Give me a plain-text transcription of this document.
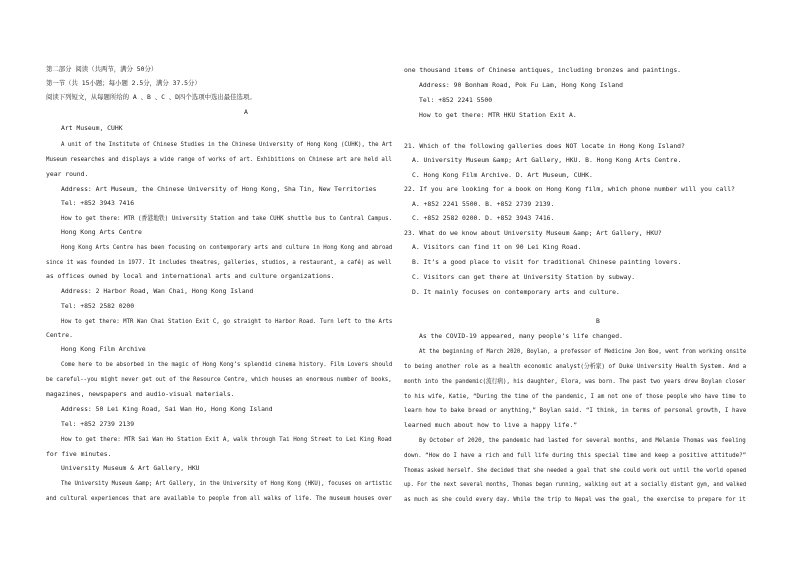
第二部分 阅读（共两节，满分 50分）
第一节（共 15小题；每小题 2.5分，满分 37.5分）
阅读下列短文，从每题所给的 A 、B 、C 、D四个选项中选出最佳选项。
A
Art Museum, CUHK
A unit of the Institute of Chinese Studies in the Chinese University of Hong Kong (CUHK), the Art
Museum researches and displays a wide range of works of art. Exhibitions on Chinese art are held all
year round.
Address: Art Museum, the Chinese University of Hong Kong, Sha Tin, New Territories
Tel: +852 3943 7416
How to get there: MTR (香港地铁) University Station and take CUHK shuttle bus to Central Campus.
Hong Kong Arts Centre
Hong Kong Arts Centre has been focusing on contemporary arts and culture in Hong Kong and abroad
since it was founded in 1977. It includes theatres, galleries, studios, a restaurant, a café) as well
as offices owned by local and international arts and culture organizations.
Address: 2 Harbor Road, Wan Chai, Hong Kong Island
Tel: +852 2582 0200
How to get there: MTR Wan Chai Station Exit C, go straight to Harbor Road. Turn left to the Arts
Centre.
Hong Kong Film Archive
Come here to be absorbed in the magic of Hong Kong’s splendid cinema history. Film Lovers should
be careful--you might never get out of the Resource Centre, which houses an enormous number of books,
magazines, newspapers and audio-visual materials.
Address: 50 Lei King Road, Sai Wan Ho, Hong Kong Island
Tel: +852 2739 2139
How to get there: MTR Sai Wan Ho Station Exit A, walk through Tai Hong Street to Lei King Road
for five minutes.
University Museum & Art Gallery, HKU
The University Museum &amp; Art Gallery, in the University of Hong Kong (HKU), focuses on artistic
and cultural experiences that are available to people from all walks of life. The museum houses over
one thousand items of Chinese antiques, including bronzes and paintings.
Address: 90 Bonham Road, Pok Fu Lam, Hong Kong Island
Tel: +852 2241 5500
How to get there: MTR HKU Station Exit A.
21. Which of the following galleries does NOT locate in Hong Kong Island?
A. University Museum &amp; Art Gallery, HKU. B. Hong Kong Arts Centre.
C. Hong Kong Film Archive. D. Art Museum, CUHK.
22. If you are looking for a book on Hong Kong film, which phone number will you call?
A. +852 2241 5500. B. +852 2739 2139.
C. +852 2582 0200. D. +852 3943 7416.
23. What do we know about University Museum &amp; Art Gallery, HKU?
A. Visitors can find it on 90 Lei King Road.
B. It’s a good place to visit for traditional Chinese painting lovers.
C. Visitors can get there at University Station by subway.
D. It mainly focuses on contemporary arts and culture.
B
As the COVID-19 appeared, many people’s life changed.
At the beginning of March 2020, Boylan, a professor of Medicine Jon Boe, went from working onsite
to being another role as a health economic analyst(分析家) of Duke University Health System. And a
month into the pandemic(流行病), his daughter, Elora, was born. The past two years drew Boylan closer
to his wife, Katie, “During the time of the pandemic, I am not one of those people who have time to
learn how to bake bread or anything,” Boylan said. “I think, in terms of personal growth, I have
learned much about how to live a happy life.”
By October of 2020, the pandemic had lasted for several months, and Melanie Thomas was feeling
down. “How do I have a rich and full life during this special time and keep a positive attitude?”
Thomas asked herself. She decided that she needed a goal that she could work out until the world opened
up. For the next several months, Thomas began running, walking out at a socially distant gym, and walked
as much as she could every day. While the trip to Nepal was the goal, the exercise to prepare for it
